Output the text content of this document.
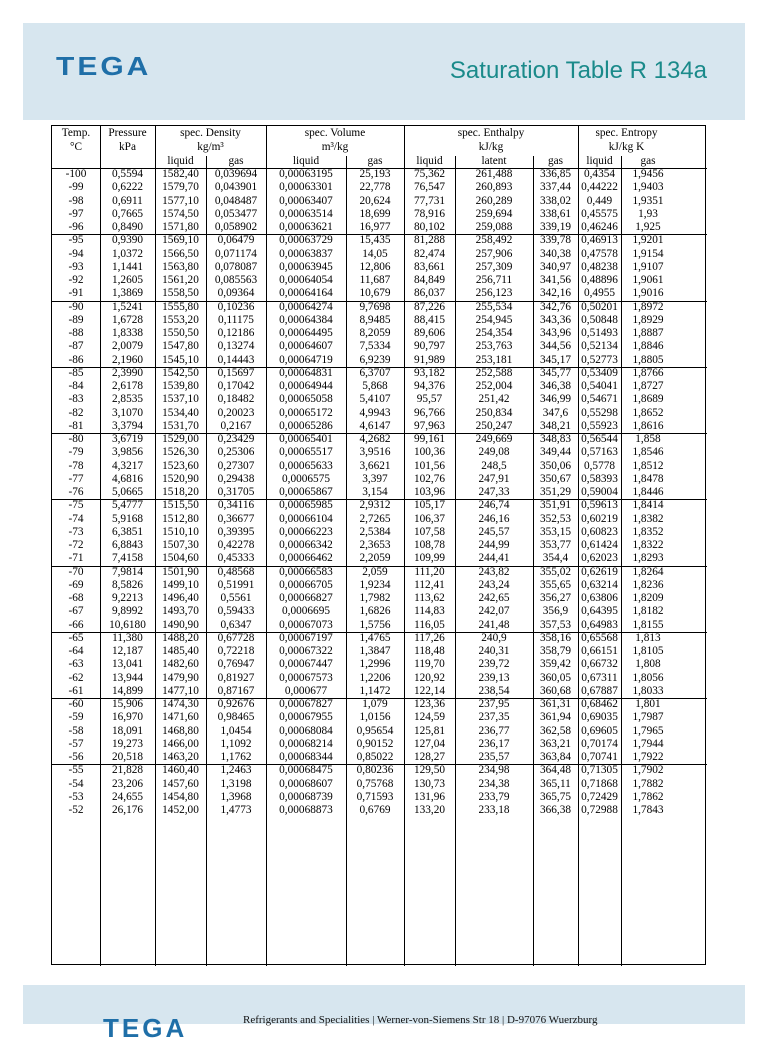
TEGA	Saturation Table R 134a
Temp.	Pressure	spec. Density		spec. Volume		spec. Enthalpy			spec. Entropy	
°C	kPa	kg/m³		m³/kg		kJ/kg			kJ/kg K	
		liquid	gas	liquid	gas	liquid	latent	gas	liquid	gas
-100	0,5594	1582,40	0,039694	0,00063195	25,193	75,362	261,488	336,85	0,4354	1,9456
-99	0,6222	1579,70	0,043901	0,00063301	22,778	76,547	260,893	337,44	0,44222	1,9403
-98	0,6911	1577,10	0,048487	0,00063407	20,624	77,731	260,289	338,02	0,449	1,9351
-97	0,7665	1574,50	0,053477	0,00063514	18,699	78,916	259,694	338,61	0,45575	1,93
-96	0,8490	1571,80	0,058902	0,00063621	16,977	80,102	259,088	339,19	0,46246	1,925
-95	0,9390	1569,10	0,06479	0,00063729	15,435	81,288	258,492	339,78	0,46913	1,9201
-94	1,0372	1566,50	0,071174	0,00063837	14,05	82,474	257,906	340,38	0,47578	1,9154
-93	1,1441	1563,80	0,078087	0,00063945	12,806	83,661	257,309	340,97	0,48238	1,9107
-92	1,2605	1561,20	0,085563	0,00064054	11,687	84,849	256,711	341,56	0,48896	1,9061
-91	1,3869	1558,50	0,09364	0,00064164	10,679	86,037	256,123	342,16	0,4955	1,9016
-90	1,5241	1555,80	0,10236	0,00064274	9,7698	87,226	255,534	342,76	0,50201	1,8972
-89	1,6728	1553,20	0,11175	0,00064384	8,9485	88,415	254,945	343,36	0,50848	1,8929
-88	1,8338	1550,50	0,12186	0,00064495	8,2059	89,606	254,354	343,96	0,51493	1,8887
-87	2,0079	1547,80	0,13274	0,00064607	7,5334	90,797	253,763	344,56	0,52134	1,8846
-86	2,1960	1545,10	0,14443	0,00064719	6,9239	91,989	253,181	345,17	0,52773	1,8805
-85	2,3990	1542,50	0,15697	0,00064831	6,3707	93,182	252,588	345,77	0,53409	1,8766
-84	2,6178	1539,80	0,17042	0,00064944	5,868	94,376	252,004	346,38	0,54041	1,8727
-83	2,8535	1537,10	0,18482	0,00065058	5,4107	95,57	251,42	346,99	0,54671	1,8689
-82	3,1070	1534,40	0,20023	0,00065172	4,9943	96,766	250,834	347,6	0,55298	1,8652
-81	3,3794	1531,70	0,2167	0,00065286	4,6147	97,963	250,247	348,21	0,55923	1,8616
-80	3,6719	1529,00	0,23429	0,00065401	4,2682	99,161	249,669	348,83	0,56544	1,858
-79	3,9856	1526,30	0,25306	0,00065517	3,9516	100,36	249,08	349,44	0,57163	1,8546
-78	4,3217	1523,60	0,27307	0,00065633	3,6621	101,56	248,5	350,06	0,5778	1,8512
-77	4,6816	1520,90	0,29438	0,0006575	3,397	102,76	247,91	350,67	0,58393	1,8478
-76	5,0665	1518,20	0,31705	0,00065867	3,154	103,96	247,33	351,29	0,59004	1,8446
-75	5,4777	1515,50	0,34116	0,00065985	2,9312	105,17	246,74	351,91	0,59613	1,8414
-74	5,9168	1512,80	0,36677	0,00066104	2,7265	106,37	246,16	352,53	0,60219	1,8382
-73	6,3851	1510,10	0,39395	0,00066223	2,5384	107,58	245,57	353,15	0,60823	1,8352
-72	6,8843	1507,30	0,42278	0,00066342	2,3653	108,78	244,99	353,77	0,61424	1,8322
-71	7,4158	1504,60	0,45333	0,00066462	2,2059	109,99	244,41	354,4	0,62023	1,8293
-70	7,9814	1501,90	0,48568	0,00066583	2,059	111,20	243,82	355,02	0,62619	1,8264
-69	8,5826	1499,10	0,51991	0,00066705	1,9234	112,41	243,24	355,65	0,63214	1,8236
-68	9,2213	1496,40	0,5561	0,00066827	1,7982	113,62	242,65	356,27	0,63806	1,8209
-67	9,8992	1493,70	0,59433	0,0006695	1,6826	114,83	242,07	356,9	0,64395	1,8182
-66	10,6180	1490,90	0,6347	0,00067073	1,5756	116,05	241,48	357,53	0,64983	1,8155
-65	11,380	1488,20	0,67728	0,00067197	1,4765	117,26	240,9	358,16	0,65568	1,813
-64	12,187	1485,40	0,72218	0,00067322	1,3847	118,48	240,31	358,79	0,66151	1,8105
-63	13,041	1482,60	0,76947	0,00067447	1,2996	119,70	239,72	359,42	0,66732	1,808
-62	13,944	1479,90	0,81927	0,00067573	1,2206	120,92	239,13	360,05	0,67311	1,8056
-61	14,899	1477,10	0,87167	0,000677	1,1472	122,14	238,54	360,68	0,67887	1,8033
-60	15,906	1474,30	0,92676	0,00067827	1,079	123,36	237,95	361,31	0,68462	1,801
-59	16,970	1471,60	0,98465	0,00067955	1,0156	124,59	237,35	361,94	0,69035	1,7987
-58	18,091	1468,80	1,0454	0,00068084	0,95654	125,81	236,77	362,58	0,69605	1,7965
-57	19,273	1466,00	1,1092	0,00068214	0,90152	127,04	236,17	363,21	0,70174	1,7944
-56	20,518	1463,20	1,1762	0,00068344	0,85022	128,27	235,57	363,84	0,70741	1,7922
-55	21,828	1460,40	1,2463	0,00068475	0,80236	129,50	234,98	364,48	0,71305	1,7902
-54	23,206	1457,60	1,3198	0,00068607	0,75768	130,73	234,38	365,11	0,71868	1,7882
-53	24,655	1454,80	1,3968	0,00068739	0,71593	131,96	233,79	365,75	0,72429	1,7862
-52	26,176	1452,00	1,4773	0,00068873	0,6769	133,20	233,18	366,38	0,72988	1,7843
TEGA	Refrigerants and Specialities | Werner-von-Siemens Str 18 | D-97076 Wuerzburg
